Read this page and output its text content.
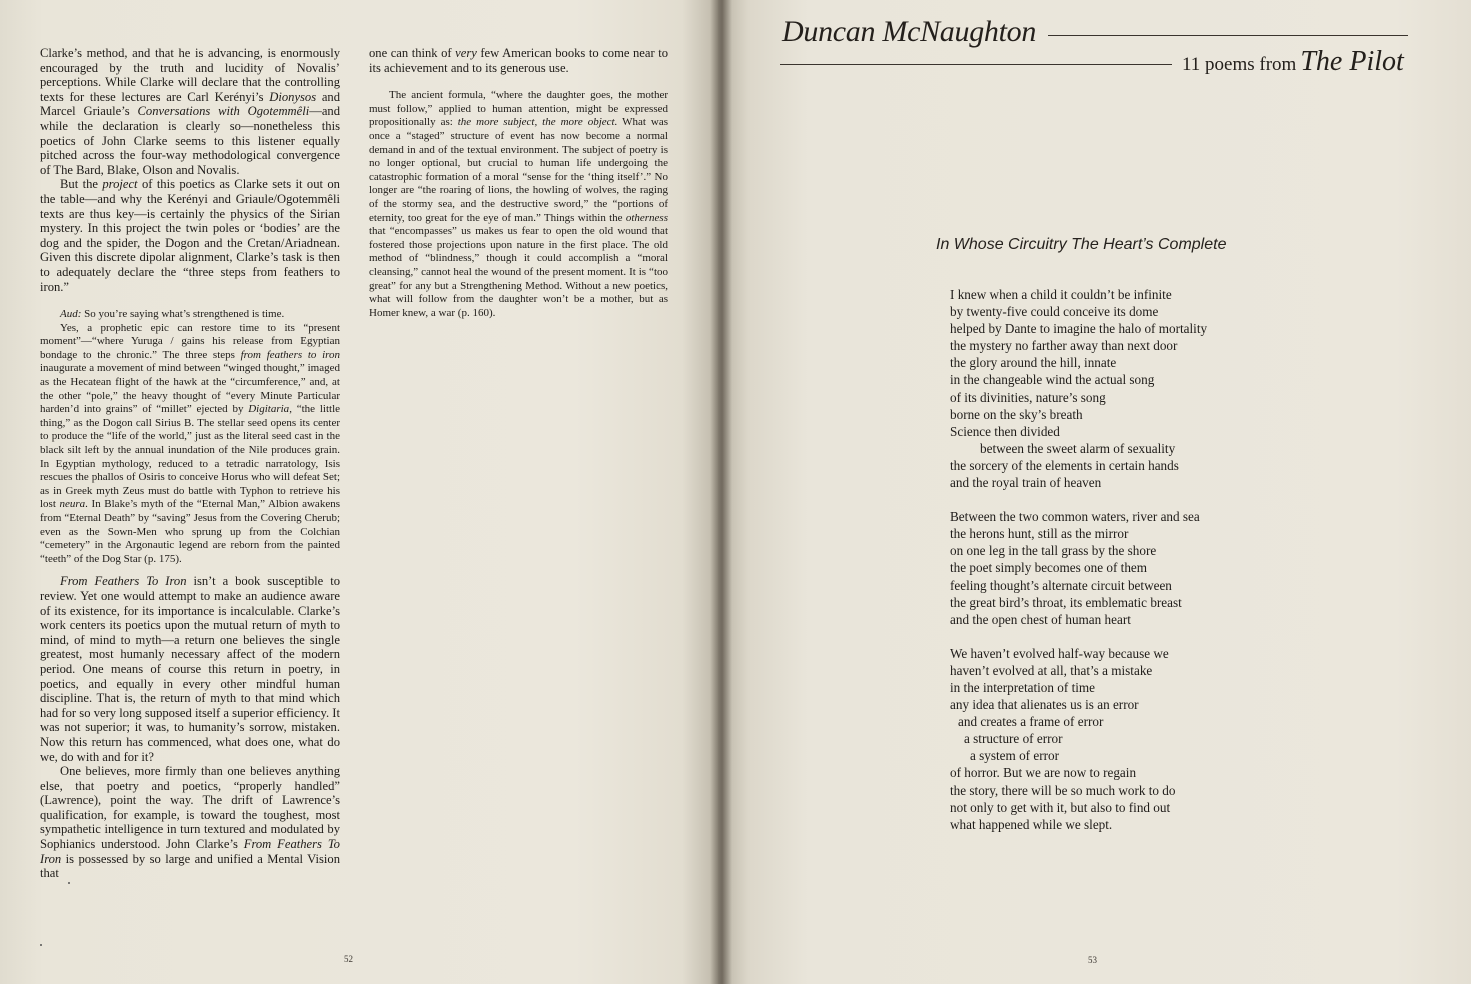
Clarke’s method, and that he is advancing, is enormously encouraged by the truth and lucidity of Novalis’ perceptions. While Clarke will declare that the controlling texts for these lectures are Carl Kerényi’s Dionysos and Marcel Griaule’s Conversations with Ogotemmêli—and while the declaration is clearly so—nonetheless this poetics of John Clarke seems to this listener equally pitched across the four-way methodological convergence of The Bard, Blake, Olson and Novalis.

But the project of this poetics as Clarke sets it out on the table—and why the Kerényi and Griaule/Ogotemmêli texts are thus key—is certainly the physics of the Sirian mystery. In this project the twin poles or ‘bodies’ are the dog and the spider, the Dogon and the Cretan/Ariadnean. Given this discrete dipolar alignment, Clarke’s task is then to adequately declare the “three steps from feathers to iron.”

Aud: So you’re saying what’s strengthened is time.

Yes, a prophetic epic can restore time to its “present moment”—“where Yuruga / gains his release from Egyptian bondage to the chronic.” The three steps from feathers to iron inaugurate a movement of mind between “winged thought,” imaged as the Hecatean flight of the hawk at the “circumference,” and, at the other “pole,” the heavy thought of “every Minute Particular harden’d into grains” of “millet” ejected by Digitaria, “the little thing,” as the Dogon call Sirius B. The stellar seed opens its center to produce the “life of the world,” just as the literal seed cast in the black silt left by the annual inundation of the Nile produces grain. In Egyptian mythology, reduced to a tetradic narratology, Isis rescues the phallos of Osiris to conceive Horus who will defeat Set; as in Greek myth Zeus must do battle with Typhon to retrieve his lost neura. In Blake’s myth of the “Eternal Man,” Albion awakens from “Eternal Death” by “saving” Jesus from the Covering Cherub; even as the Sown-Men who sprung up from the Colchian “cemetery” in the Argonautic legend are reborn from the painted “teeth” of the Dog Star (p. 175).

From Feathers To Iron isn’t a book susceptible to review. Yet one would attempt to make an audience aware of its existence, for its importance is incalculable. Clarke’s work centers its poetics upon the mutual return of myth to mind, of mind to myth—a return one believes the single greatest, most humanly necessary affect of the modern period. One means of course this return in poetry, in poetics, and equally in every other mindful human discipline. That is, the return of myth to that mind which had for so very long supposed itself a superior efficiency. It was not superior; it was, to humanity’s sorrow, mistaken. Now this return has commenced, what does one, what do we, do with and for it?

One believes, more firmly than one believes anything else, that poetry and poetics, “properly handled” (Lawrence), point the way. The drift of Lawrence’s qualification, for example, is toward the toughest, most sympathetic intelligence in turn textured and modulated by Sophianics understood. John Clarke’s From Feathers To Iron is possessed by so large and unified a Mental Vision that

one can think of very few American books to come near to its achievement and to its generous use.

The ancient formula, “where the daughter goes, the mother must follow,” applied to human attention, might be expressed propositionally as: the more subject, the more object. What was once a “staged” structure of event has now become a normal demand in and of the textual environment. The subject of poetry is no longer optional, but crucial to human life undergoing the catastrophic formation of a moral “sense for the ‘thing itself’.” No longer are “the roaring of lions, the howling of wolves, the raging of the stormy sea, and the destructive sword,” the “portions of eternity, too great for the eye of man.” Things within the otherness that “encompasses” us makes us fear to open the old wound that fostered those projections upon nature in the first place. The old method of “blindness,” though it could accomplish a “moral cleansing,” cannot heal the wound of the present moment. It is “too great” for any but a Strengthening Method. Without a new poetics, what will follow from the daughter won’t be a mother, but as Homer knew, a war (p. 160).

52
Duncan McNaughton
11 poems from The Pilot
In Whose Circuitry The Heart’s Complete
I knew when a child it couldn’t be infinite
by twenty-five could conceive its dome
helped by Dante to imagine the halo of mortality
the mystery no farther away than next door
the glory around the hill, innate
in the changeable wind the actual song
of its divinities, nature’s song
borne on the sky’s breath
Science then divided
between the sweet alarm of sexuality
the sorcery of the elements in certain hands
and the royal train of heaven
Between the two common waters, river and sea
the herons hunt, still as the mirror
on one leg in the tall grass by the shore
the poet simply becomes one of them
feeling thought’s alternate circuit between
the great bird’s throat, its emblematic breast
and the open chest of human heart
We haven’t evolved half-way because we
haven’t evolved at all, that’s a mistake
in the interpretation of time
any idea that alienates us is an error
and creates a frame of error
a structure of error
a system of error
of horror. But we are now to regain
the story, there will be so much work to do
not only to get with it, but also to find out
what happened while we slept.
53
